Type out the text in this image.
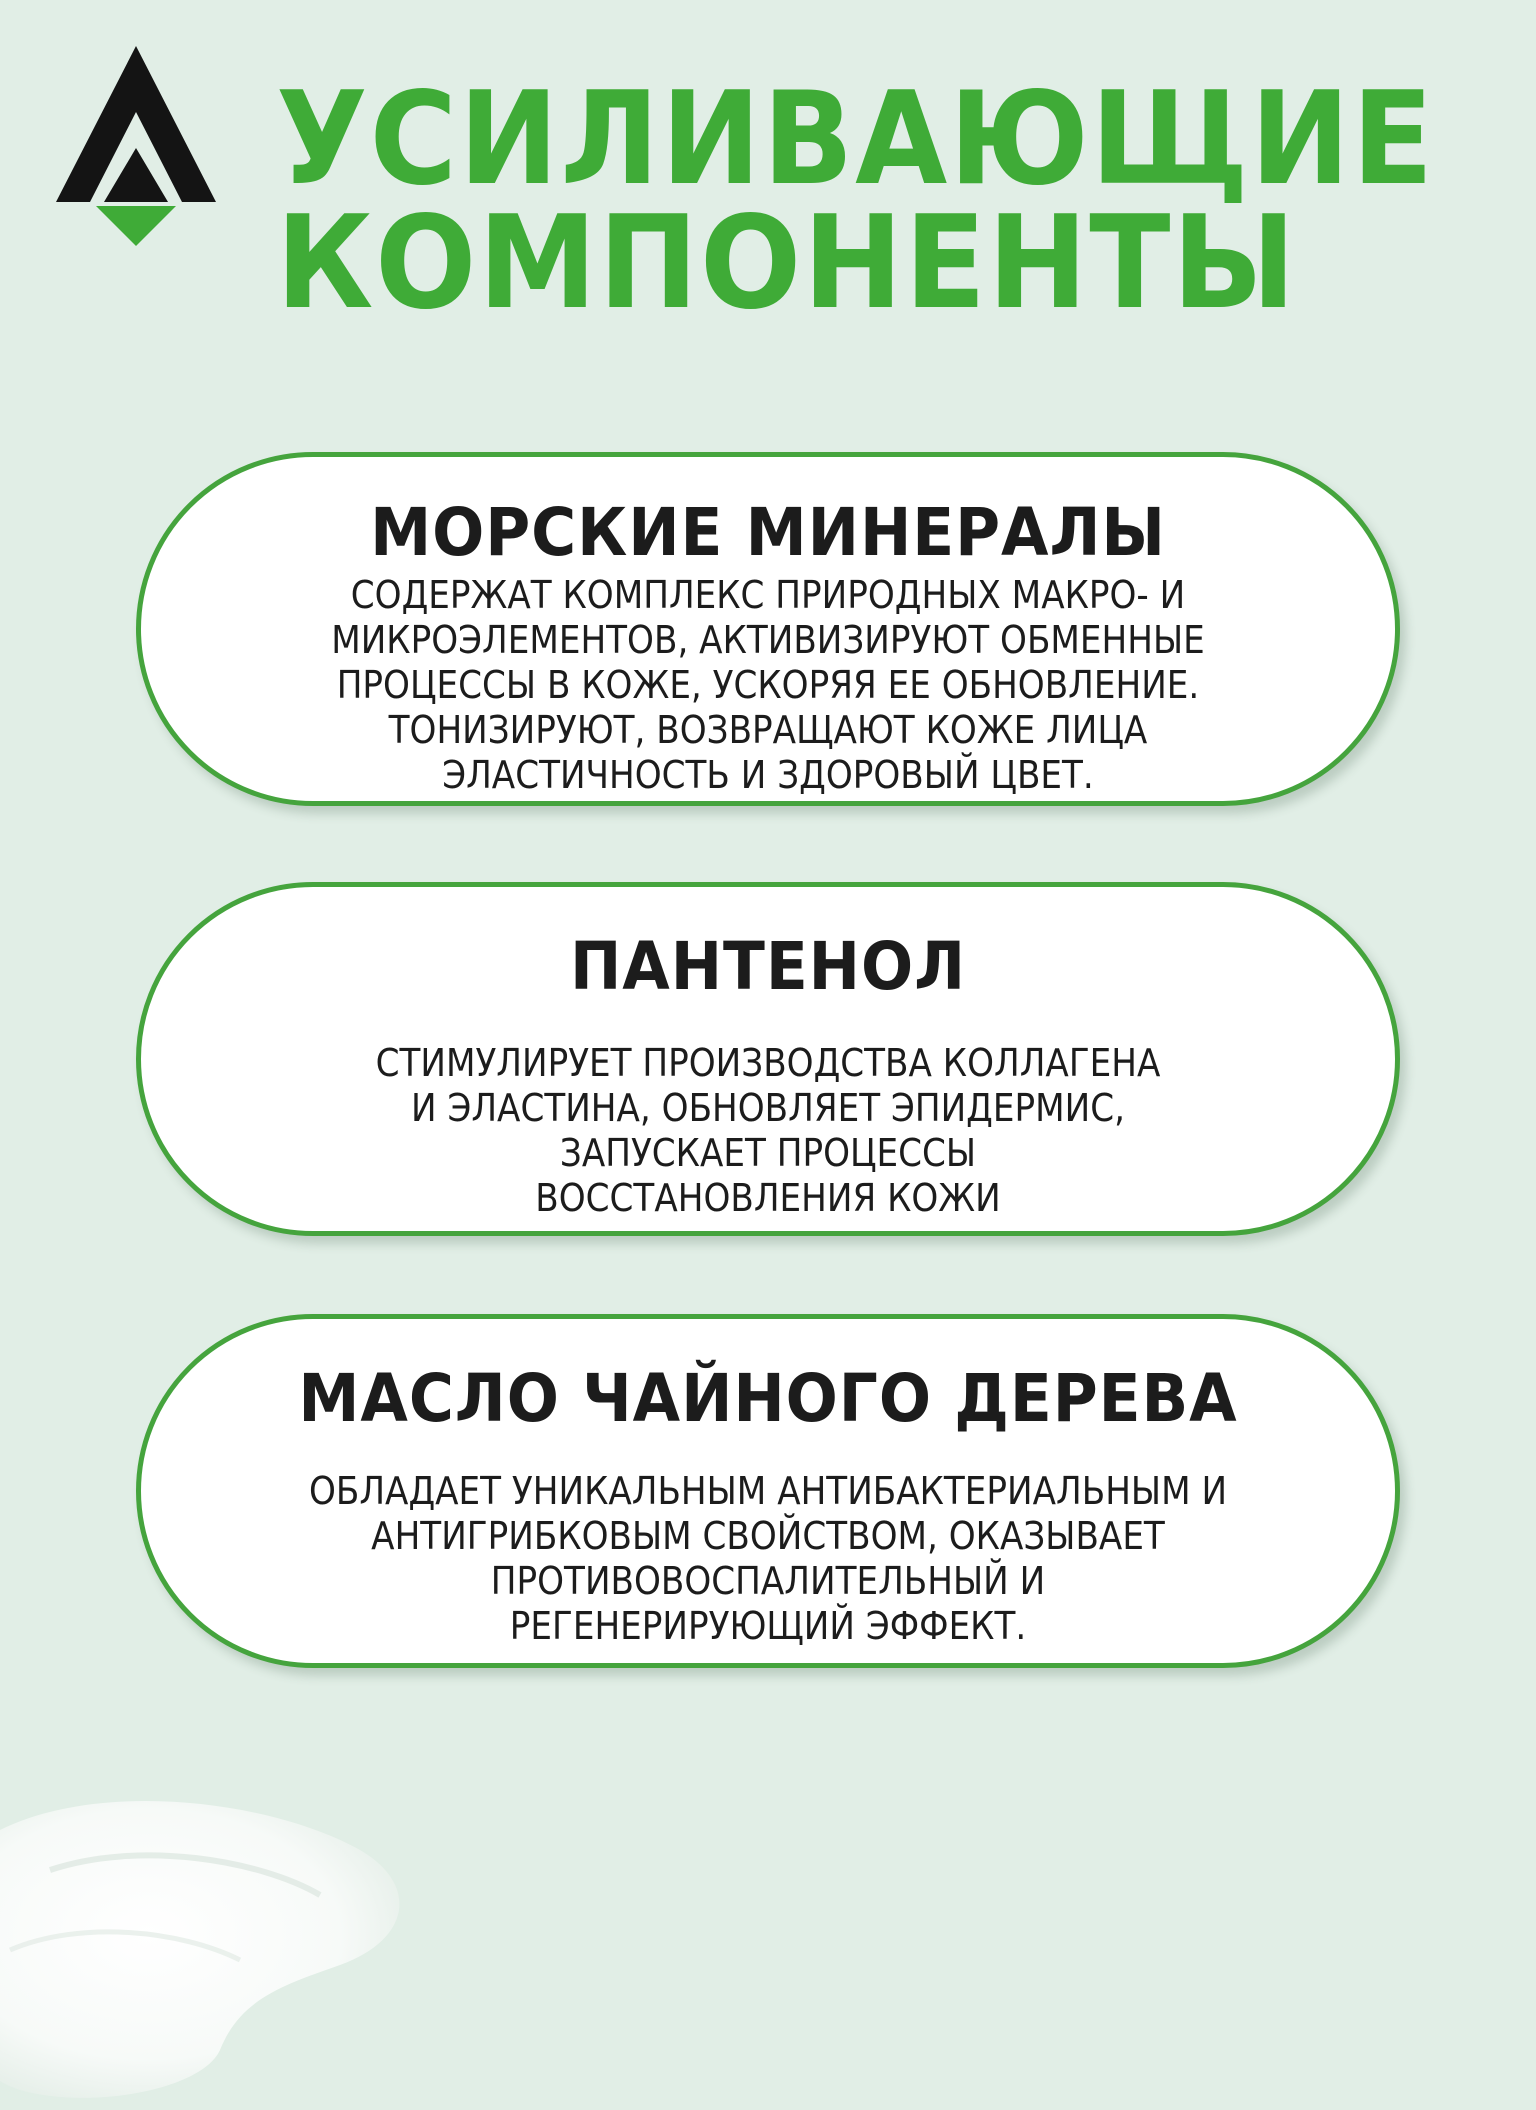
УСИЛИВАЮЩИЕ
КОМПОНЕНТЫ
МОРСКИЕ МИНЕРАЛЫ

СОДЕРЖАТ КОМПЛЕКС ПРИРОДНЫХ МАКРО- И
МИКРОЭЛЕМЕНТОВ, АКТИВИЗИРУЮТ ОБМЕННЫЕ
ПРОЦЕССЫ В КОЖЕ, УСКОРЯЯ ЕЕ ОБНОВЛЕНИЕ.
ТОНИЗИРУЮТ, ВОЗВРАЩАЮТ КОЖЕ ЛИЦА
ЭЛАСТИЧНОСТЬ И ЗДОРОВЫЙ ЦВЕТ.

ПАНТЕНОЛ

СТИМУЛИРУЕТ ПРОИЗВОДСТВА КОЛЛАГЕНА
И ЭЛАСТИНА, ОБНОВЛЯЕТ ЭПИДЕРМИС,
ЗАПУСКАЕТ ПРОЦЕССЫ
ВОССТАНОВЛЕНИЯ КОЖИ

МАСЛО ЧАЙНОГО ДЕРЕВА

ОБЛАДАЕТ УНИКАЛЬНЫМ АНТИБАКТЕРИАЛЬНЫМ И
АНТИГРИБКОВЫМ СВОЙСТВОМ, ОКАЗЫВАЕТ
ПРОТИВОВОСПАЛИТЕЛЬНЫЙ И
РЕГЕНЕРИРУЮЩИЙ ЭФФЕКТ.
